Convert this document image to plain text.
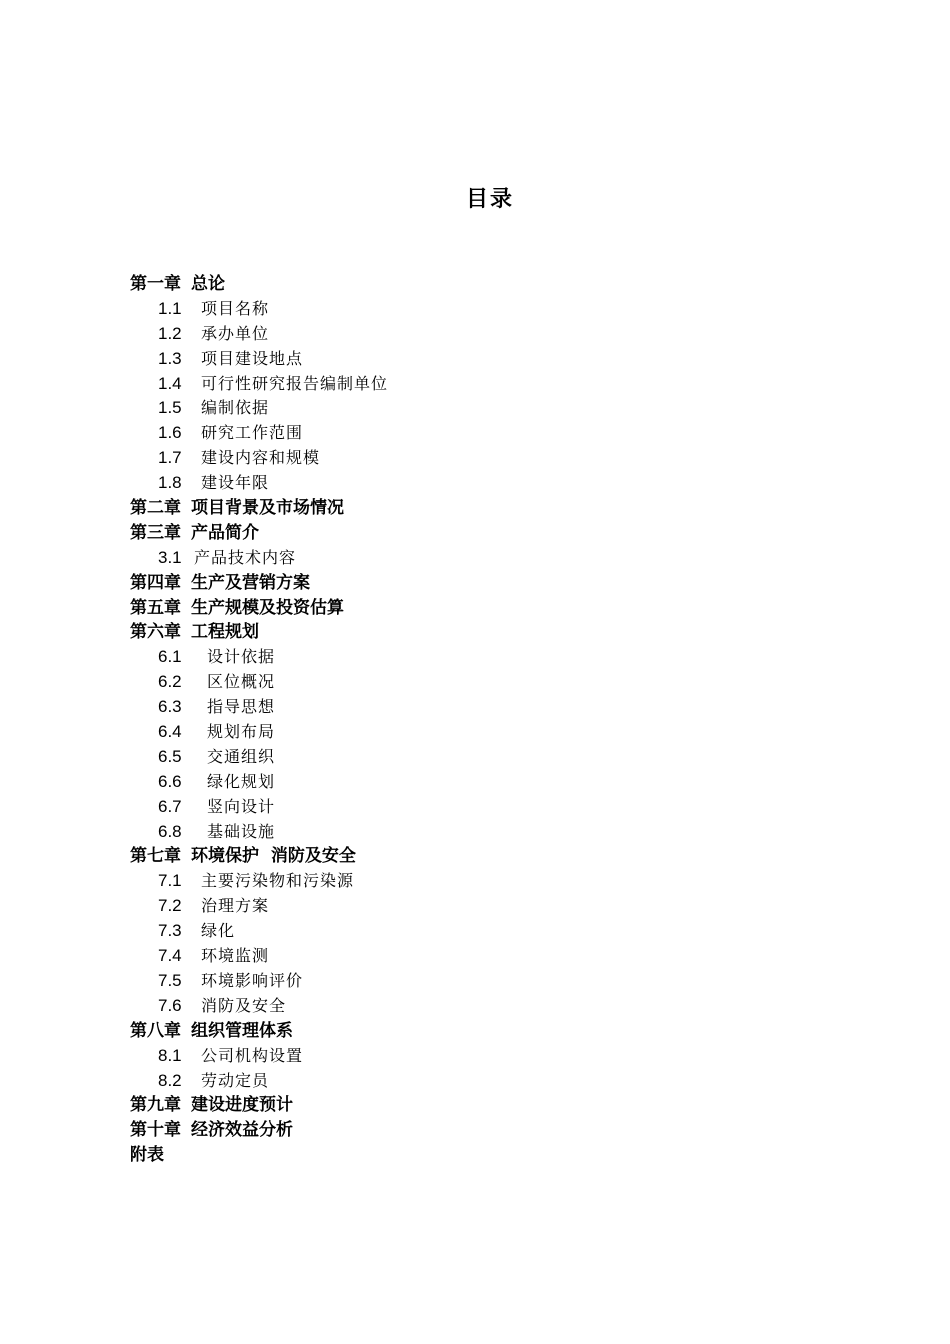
目录
第一章 总论
1.1 项目名称
1.2 承办单位
1.3 项目建设地点
1.4 可行性研究报告编制单位
1.5 编制依据
1.6 研究工作范围
1.7 建设内容和规模
1.8 建设年限
第二章 项目背景及市场情况
第三章 产品简介
3.1 产品技术内容
第四章 生产及营销方案
第五章 生产规模及投资估算
第六章 工程规划
6.1 设计依据
6.2 区位概况
6.3 指导思想
6.4 规划布局
6.5 交通组织
6.6 绿化规划
6.7 竖向设计
6.8 基础设施
第七章 环境保护  消防及安全
7.1 主要污染物和污染源
7.2 治理方案
7.3 绿化
7.4 环境监测
7.5 环境影响评价
7.6 消防及安全
第八章 组织管理体系
8.1 公司机构设置
8.2 劳动定员
第九章 建设进度预计
第十章 经济效益分析
附表
